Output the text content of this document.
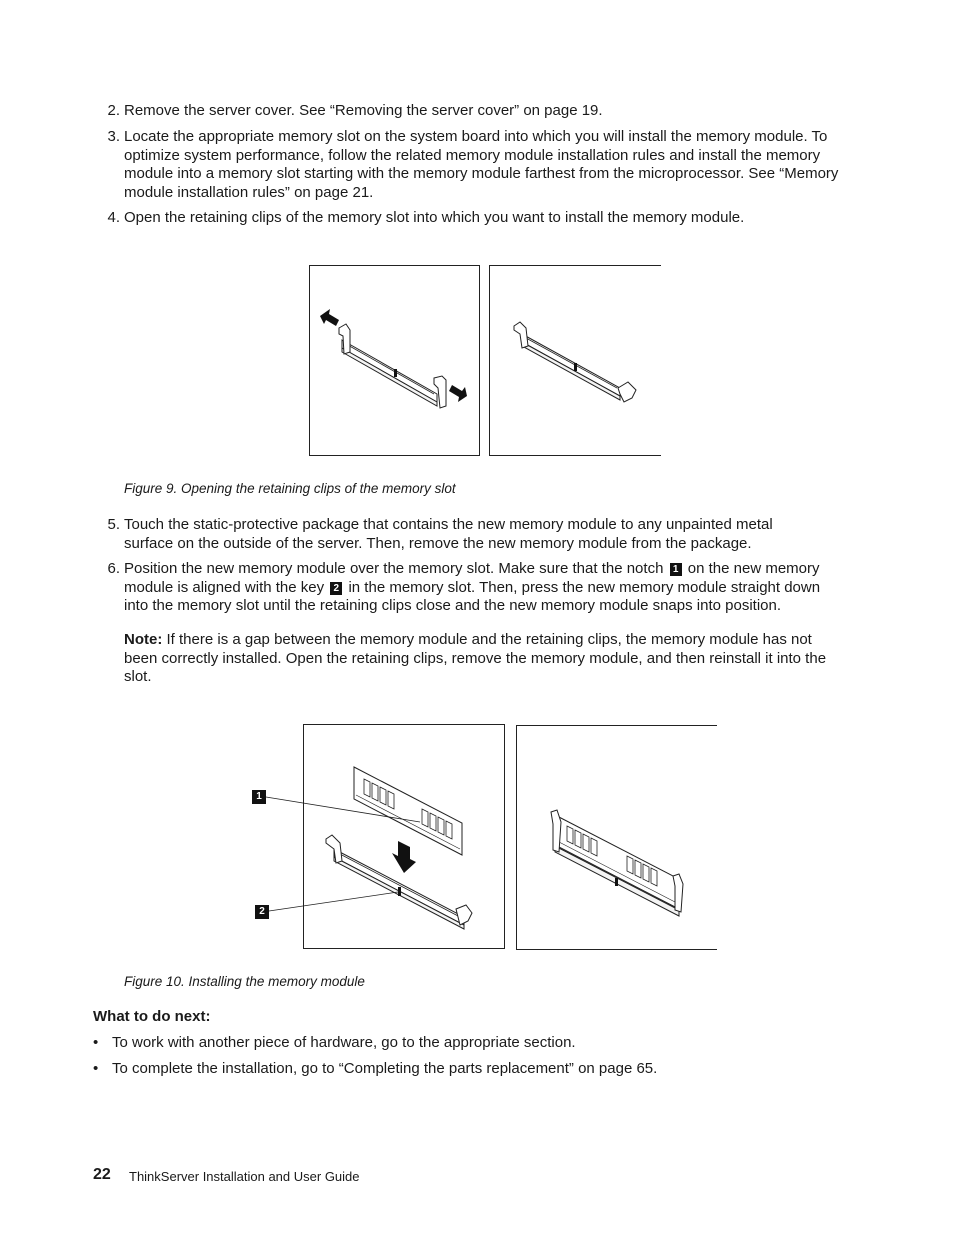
2. Remove the server cover. See “Removing the server cover” on page 19.
3. Locate the appropriate memory slot on the system board into which you will install the memory module. To optimize system performance, follow the related memory module installation rules and install the memory module into a memory slot starting with the memory module farthest from the microprocessor. See “Memory module installation rules” on page 21.
4. Open the retaining clips of the memory slot into which you want to install the memory module.
Figure 9. Opening the retaining clips of the memory slot
5. Touch the static-protective package that contains the new memory module to any unpainted metal surface on the outside of the server. Then, remove the new memory module from the package.
6. Position the new memory module over the memory slot. Make sure that the notch 1 on the new memory module is aligned with the key 2 in the memory slot. Then, press the new memory module straight down into the memory slot until the retaining clips close and the new memory module snaps into position.
Note: If there is a gap between the memory module and the retaining clips, the memory module has not been correctly installed. Open the retaining clips, remove the memory module, and then reinstall it into the slot.
1
2
Figure 10. Installing the memory module
What to do next:
• To work with another piece of hardware, go to the appropriate section.
• To complete the installation, go to “Completing the parts replacement” on page 65.
22 ThinkServer Installation and User Guide
